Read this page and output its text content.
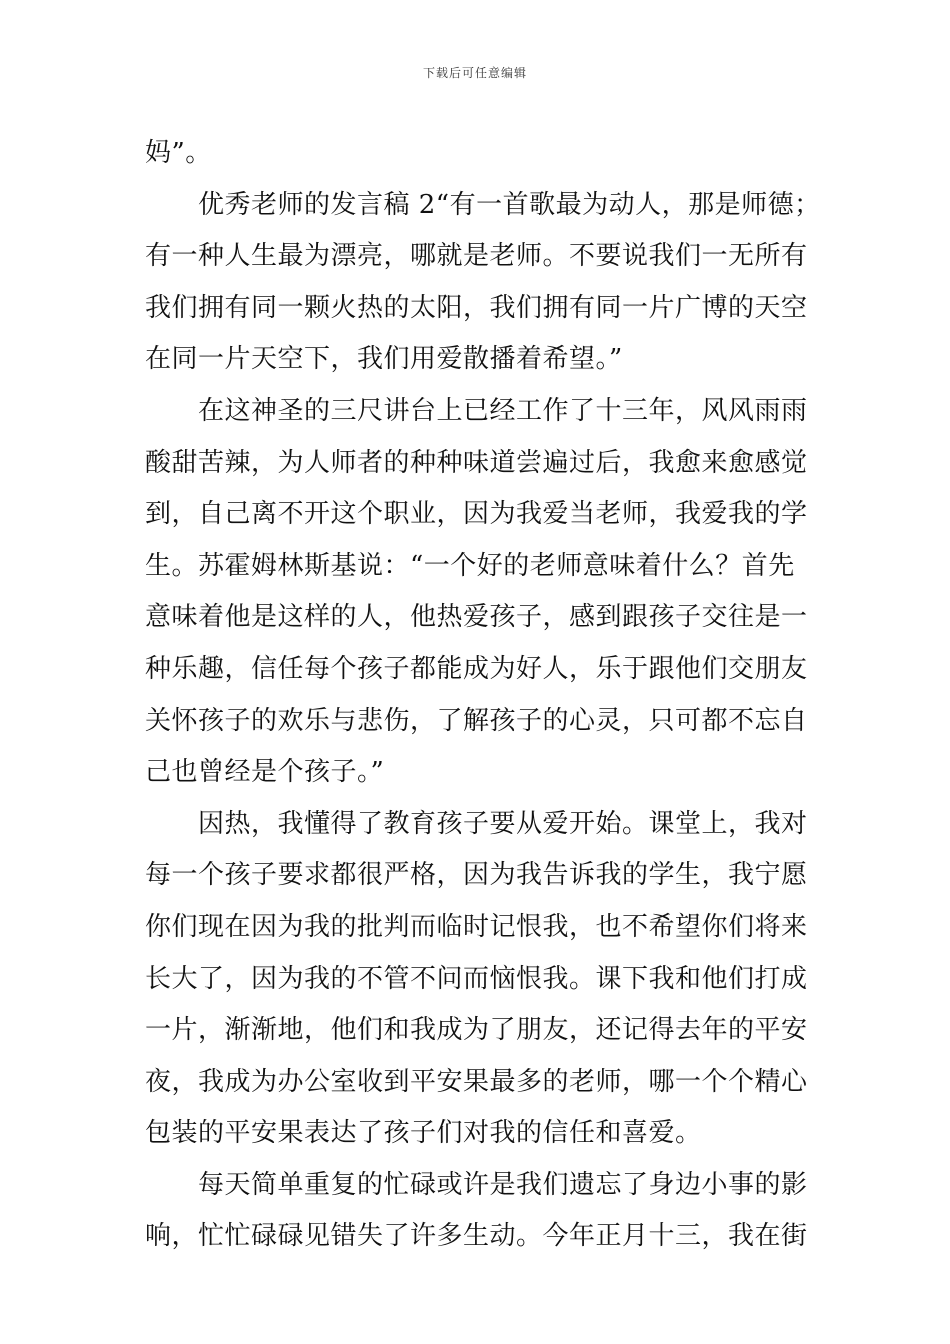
下载后可任意编辑
妈”。
优秀老师的发言稿 2“有一首歌最为动人，那是师德；
有一种人生最为漂亮，哪就是老师。不要说我们一无所有
我们拥有同一颗火热的太阳，我们拥有同一片广博的天空
在同一片天空下，我们用爱散播着希望。”
在这神圣的三尺讲台上已经工作了十三年，风风雨雨
酸甜苦辣，为人师者的种种味道尝遍过后，我愈来愈感觉
到，自己离不开这个职业，因为我爱当老师，我爱我的学
生。苏霍姆林斯基说：“一个好的老师意味着什么？首先
意味着他是这样的人，他热爱孩子，感到跟孩子交往是一
种乐趣，信任每个孩子都能成为好人，乐于跟他们交朋友
关怀孩子的欢乐与悲伤，了解孩子的心灵，只可都不忘自
己也曾经是个孩子。”
因热，我懂得了教育孩子要从爱开始。课堂上，我对
每一个孩子要求都很严格，因为我告诉我的学生，我宁愿
你们现在因为我的批判而临时记恨我，也不希望你们将来
长大了，因为我的不管不问而恼恨我。课下我和他们打成
一片，渐渐地，他们和我成为了朋友，还记得去年的平安
夜，我成为办公室收到平安果最多的老师，哪一个个精心
包装的平安果表达了孩子们对我的信任和喜爱。
每天简单重复的忙碌或许是我们遗忘了身边小事的影
响，忙忙碌碌见错失了许多生动。今年正月十三，我在街
